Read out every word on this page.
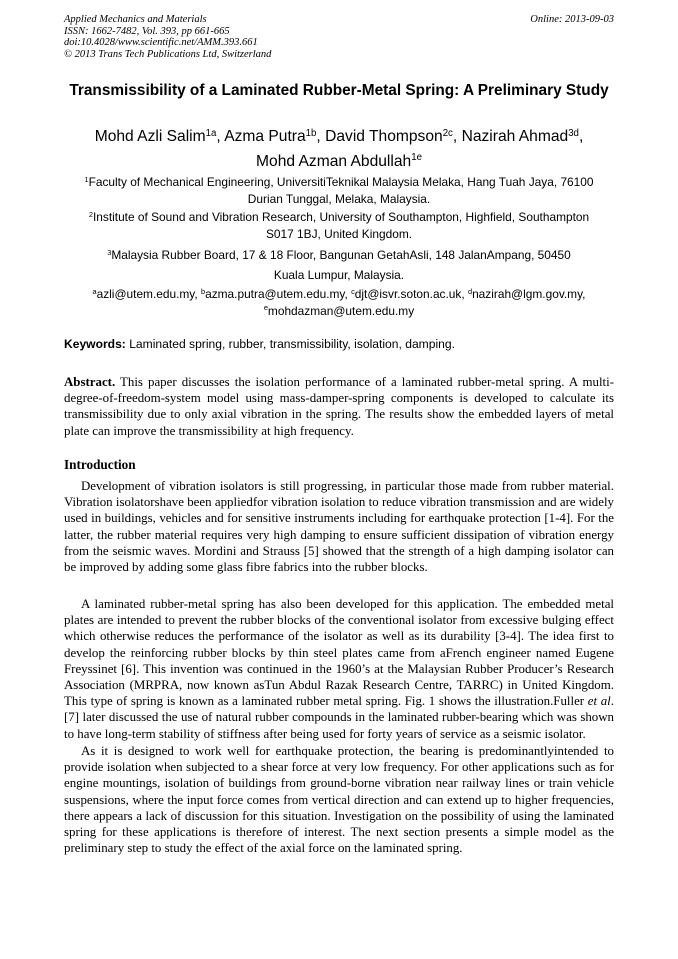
Applied Mechanics and Materials
ISSN: 1662-7482, Vol. 393, pp 661-665
doi:10.4028/www.scientific.net/AMM.393.661
© 2013 Trans Tech Publications Ltd, Switzerland
Online: 2013-09-03
Transmissibility of a Laminated Rubber-Metal Spring: A Preliminary Study
Mohd Azli Salim$^{1a}$, Azma Putra$^{1b}$, David Thompson$^{2c}$, Nazirah Ahmad$^{3d}$,
Mohd Azman Abdullah$^{1e}$
$^1$Faculty of Mechanical Engineering, UniversitiTeknikal Malaysia Melaka, Hang Tuah Jaya, 76100
Durian Tunggal, Melaka, Malaysia.
$^2$Institute of Sound and Vibration Research, University of Southampton, Highfield, Southampton
S017 1BJ, United Kingdom.
$^3$Malaysia Rubber Board, 17 & 18 Floor, Bangunan GetahAsli, 148 JalanAmpang, 50450
Kuala Lumpur, Malaysia.
$^a$azli@utem.edu.my, $^b$azma.putra@utem.edu.my, $^c$djt@isvr.soton.ac.uk, $^d$nazirah@lgm.gov.my,
$^e$mohdazman@utem.edu.my
Keywords: Laminated spring, rubber, transmissibility, isolation, damping.
Abstract. This paper discusses the isolation performance of a laminated rubber-metal spring. A multi-degree-of-freedom-system model using mass-damper-spring components is developed to calculate its transmissibility due to only axial vibration in the spring. The results show the embedded layers of metal plate can improve the transmissibility at high frequency.
Introduction
Development of vibration isolators is still progressing, in particular those made from rubber material. Vibration isolatorshave been appliedfor vibration isolation to reduce vibration transmission and are widely used in buildings, vehicles and for sensitive instruments including for earthquake protection [1-4]. For the latter, the rubber material requires very high damping to ensure sufficient dissipation of vibration energy from the seismic waves. Mordini and Strauss [5] showed that the strength of a high damping isolator can be improved by adding some glass fibre fabrics into the rubber blocks.
A laminated rubber-metal spring has also been developed for this application. The embedded metal plates are intended to prevent the rubber blocks of the conventional isolator from excessive bulging effect which otherwise reduces the performance of the isolator as well as its durability [3-4]. The idea first to develop the reinforcing rubber blocks by thin steel plates came from aFrench engineer named Eugene Freyssinet [6]. This invention was continued in the 1960’s at the Malaysian Rubber Producer’s Research Association (MRPRA, now known asTun Abdul Razak Research Centre, TARRC) in United Kingdom. This type of spring is known as a laminated rubber metal spring. Fig. 1 shows the illustration.Fuller et al. [7] later discussed the use of natural rubber compounds in the laminated rubber-bearing which was shown to have long-term stability of stiffness after being used for forty years of service as a seismic isolator.
As it is designed to work well for earthquake protection, the bearing is predominantlyintended to provide isolation when subjected to a shear force at very low frequency. For other applications such as for engine mountings, isolation of buildings from ground-borne vibration near railway lines or train vehicle suspensions, where the input force comes from vertical direction and can extend up to higher frequencies, there appears a lack of discussion for this situation. Investigation on the possibility of using the laminated spring for these applications is therefore of interest. The next section presents a simple model as the preliminary step to study the effect of the axial force on the laminated spring.
